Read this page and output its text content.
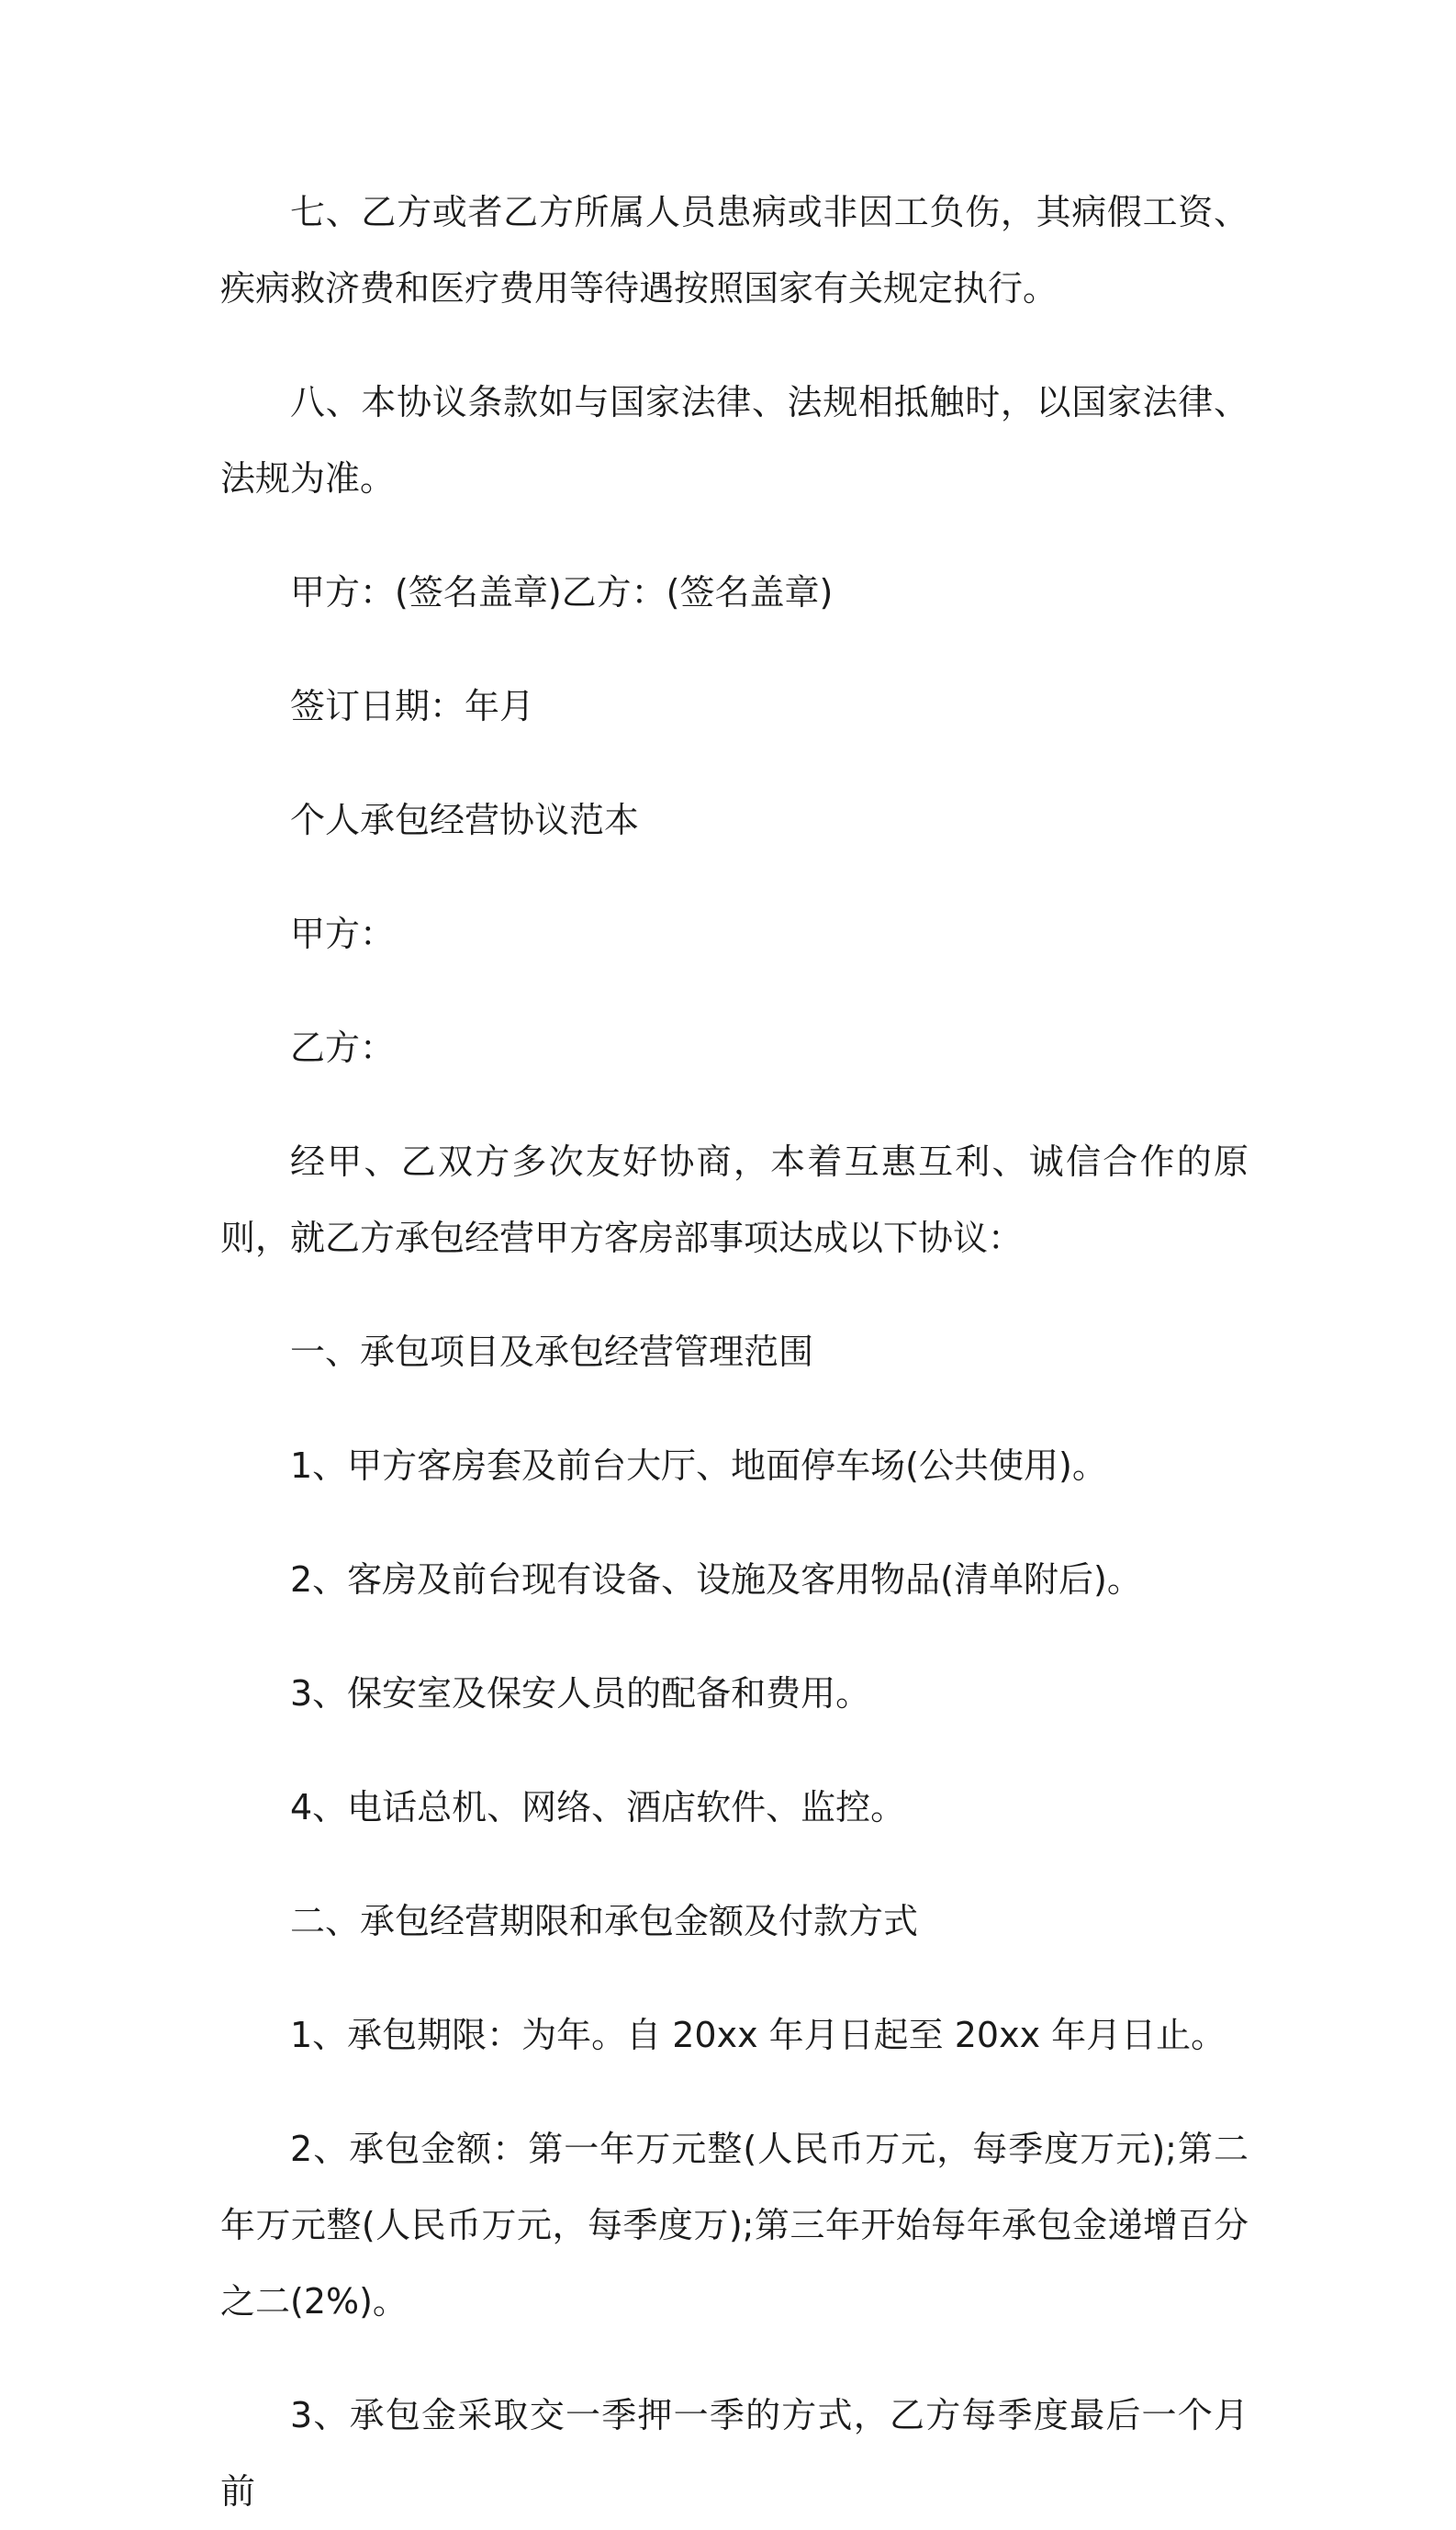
七、乙方或者乙方所属人员患病或非因工负伤，其病假工资、疾病救济费和医疗费用等待遇按照国家有关规定执行。

八、本协议条款如与国家法律、法规相抵触时，以国家法律、法规为准。

甲方：(签名盖章)乙方：(签名盖章)

签订日期：年月

个人承包经营协议范本

甲方：

乙方：

经甲、乙双方多次友好协商，本着互惠互利、诚信合作的原则，就乙方承包经营甲方客房部事项达成以下协议：

一、承包项目及承包经营管理范围

1、甲方客房套及前台大厅、地面停车场(公共使用)。

2、客房及前台现有设备、设施及客用物品(清单附后)。

3、保安室及保安人员的配备和费用。

4、电话总机、网络、酒店软件、监控。

二、承包经营期限和承包金额及付款方式

1、承包期限：为年。自 20xx 年月日起至 20xx 年月日止。

2、承包金额：第一年万元整(人民币万元，每季度万元);第二年万元整(人民币万元，每季度万);第三年开始每年承包金递增百分之二(2%)。

3、承包金采取交一季押一季的方式，乙方每季度最后一个月前
